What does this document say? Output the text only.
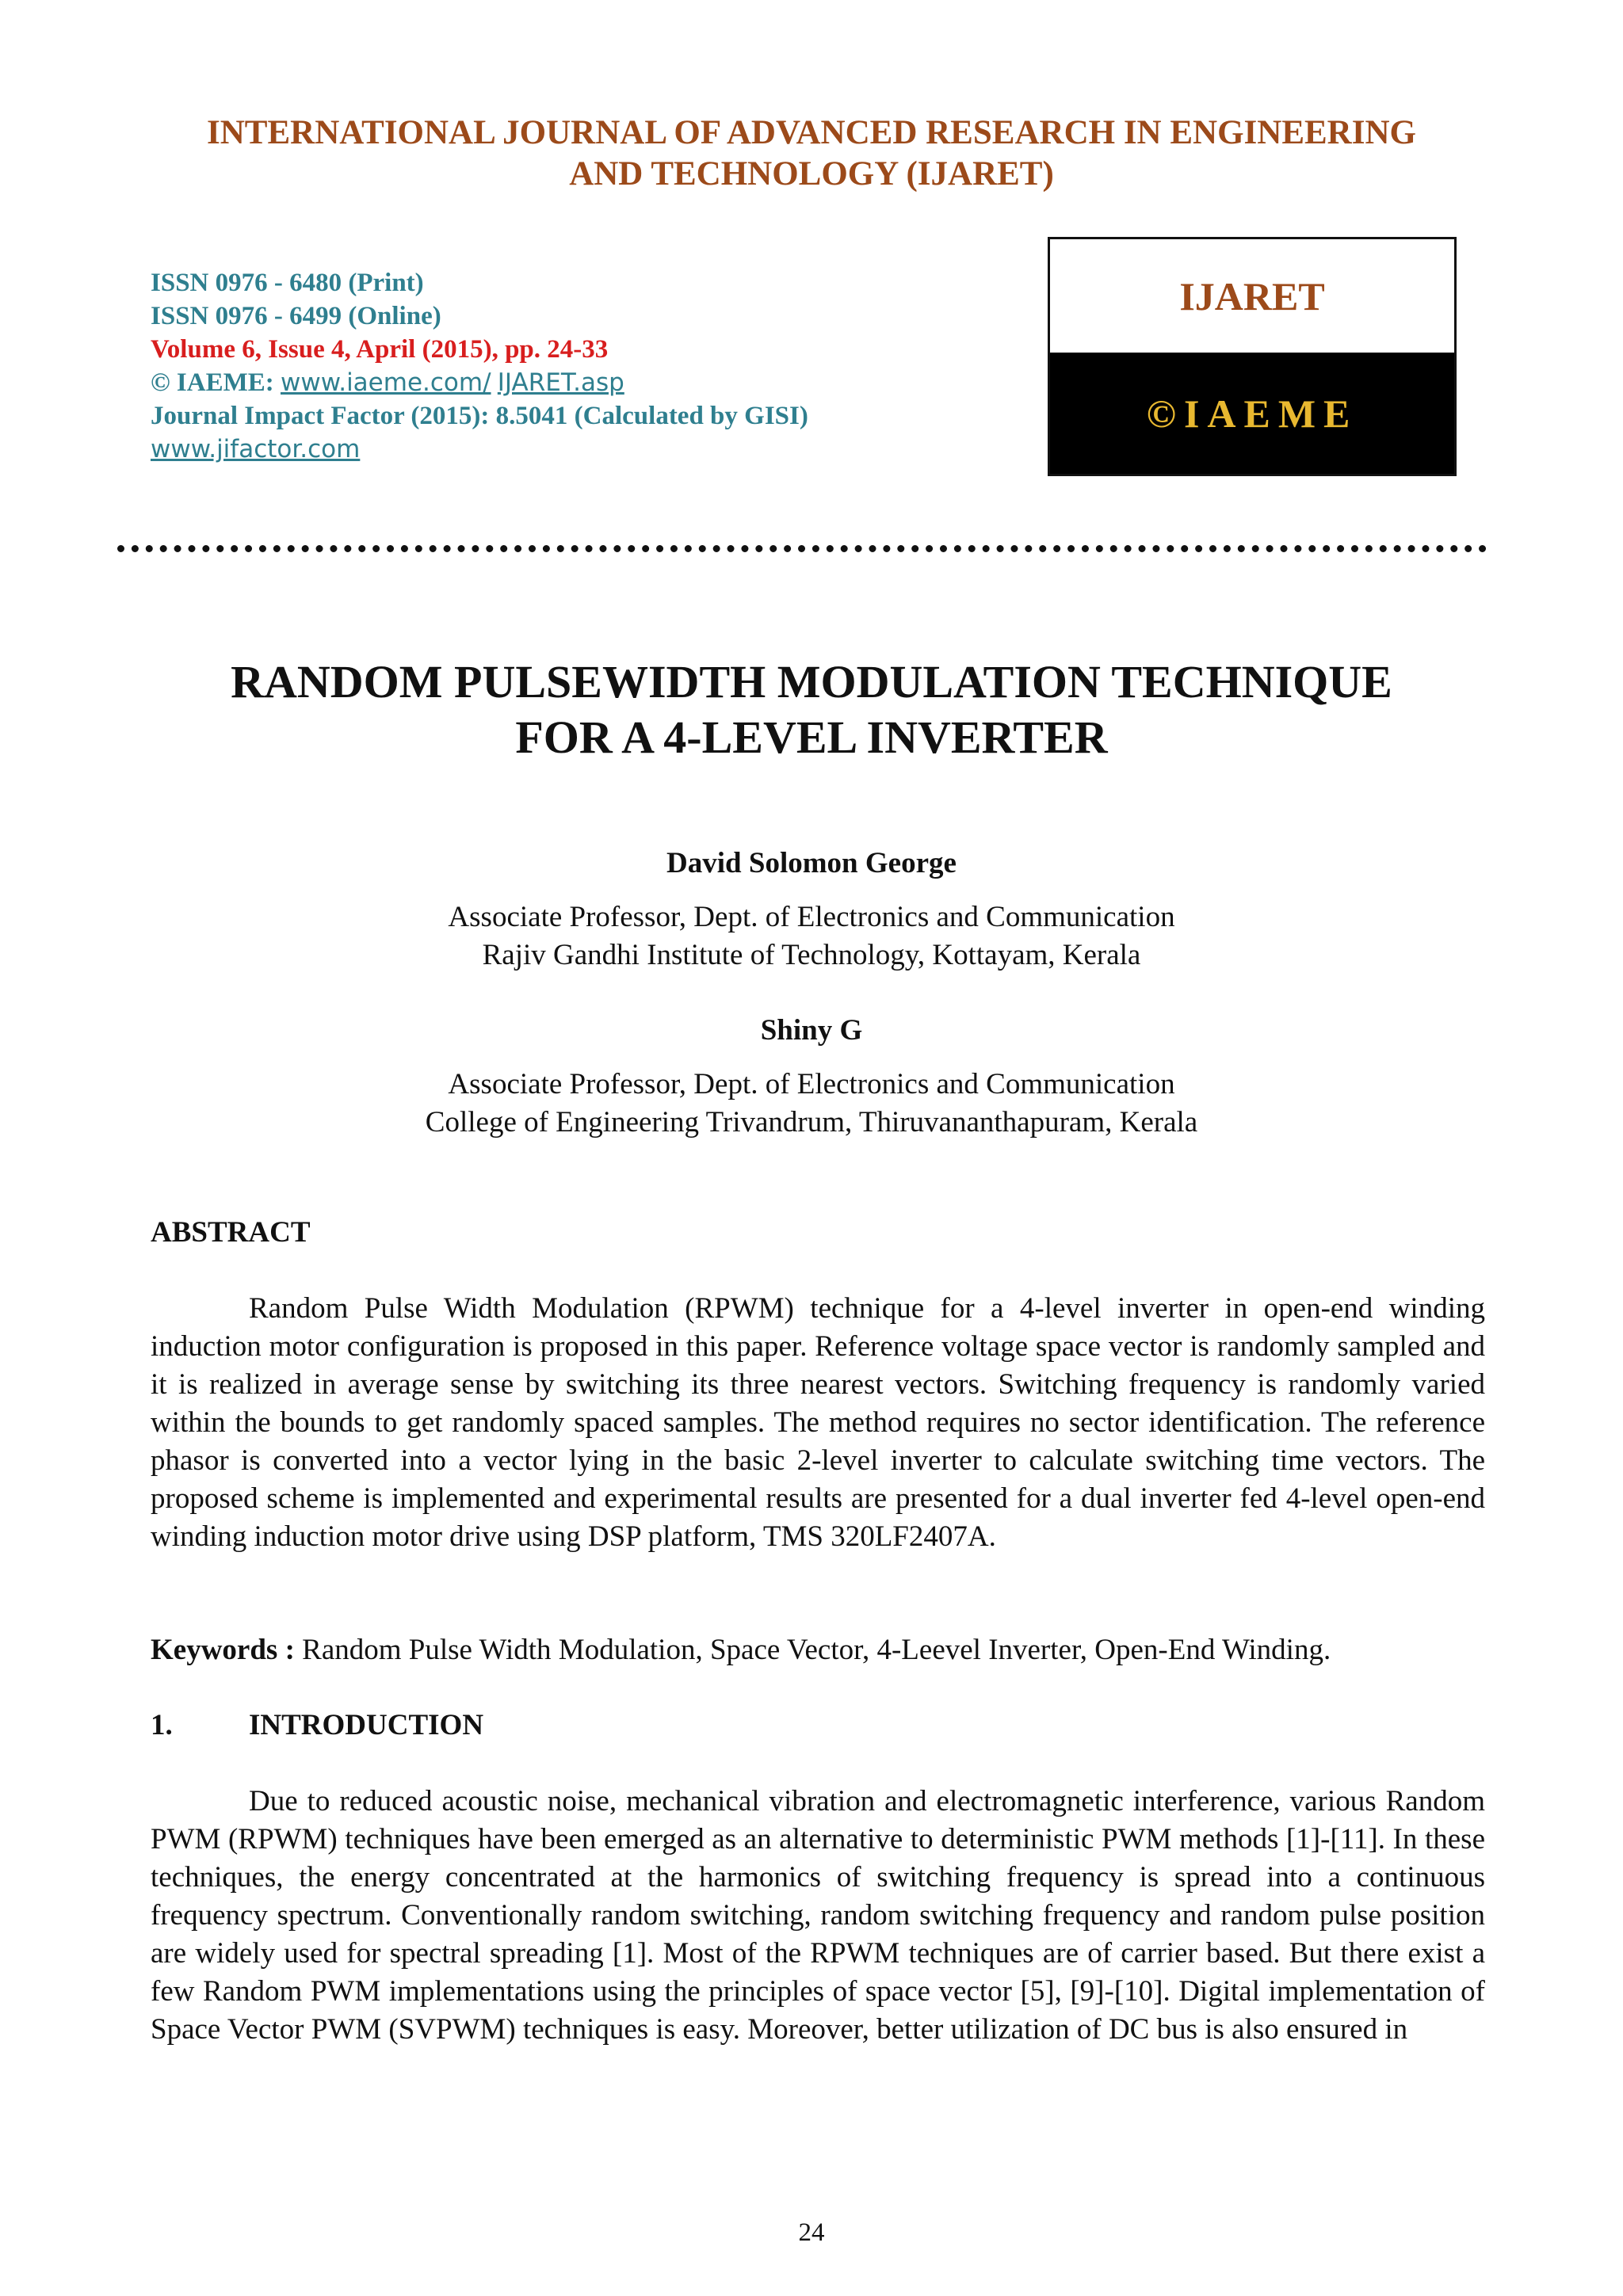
INTERNATIONAL JOURNAL OF ADVANCED RESEARCH IN ENGINEERING
AND TECHNOLOGY (IJARET)
ISSN 0976 - 6480 (Print)
ISSN 0976 - 6499 (Online)
Volume 6, Issue 4, April (2015), pp. 24-33
© IAEME: www.iaeme.com/ IJARET.asp
Journal Impact Factor (2015): 8.5041 (Calculated by GISI)
www.jifactor.com
IJARET
©IAEME
RANDOM PULSEWIDTH MODULATION TECHNIQUE
FOR A 4-LEVEL INVERTER
David Solomon George
Associate Professor, Dept. of Electronics and Communication
Rajiv Gandhi Institute of Technology, Kottayam, Kerala
Shiny G
Associate Professor, Dept. of Electronics and Communication
College of Engineering Trivandrum, Thiruvananthapuram, Kerala
ABSTRACT
Random Pulse Width Modulation (RPWM) technique for a 4-level inverter in open-end winding induction motor configuration is proposed in this paper. Reference voltage space vector is randomly sampled and it is realized in average sense by switching its three nearest vectors. Switching frequency is randomly varied within the bounds to get randomly spaced samples. The method requires no sector identification. The reference phasor is converted into a vector lying in the basic 2-level inverter to calculate switching time vectors. The proposed scheme is implemented and experimental results are presented for a dual inverter fed 4-level open-end winding induction motor drive using DSP platform, TMS 320LF2407A.
Keywords : Random Pulse Width Modulation, Space Vector, 4-Leevel Inverter, Open-End Winding.
1.	INTRODUCTION
Due to reduced acoustic noise, mechanical vibration and electromagnetic interference, various Random PWM (RPWM) techniques have been emerged as an alternative to deterministic PWM methods [1]-[11]. In these techniques, the energy concentrated at the harmonics of switching frequency is spread into a continuous frequency spectrum. Conventionally random switching, random switching frequency and random pulse position are widely used for spectral spreading [1]. Most of the RPWM techniques are of carrier based. But there exist a few Random PWM implementations using the principles of space vector [5], [9]-[10]. Digital implementation of Space Vector PWM (SVPWM) techniques is easy. Moreover, better utilization of DC bus is also ensured in
24
